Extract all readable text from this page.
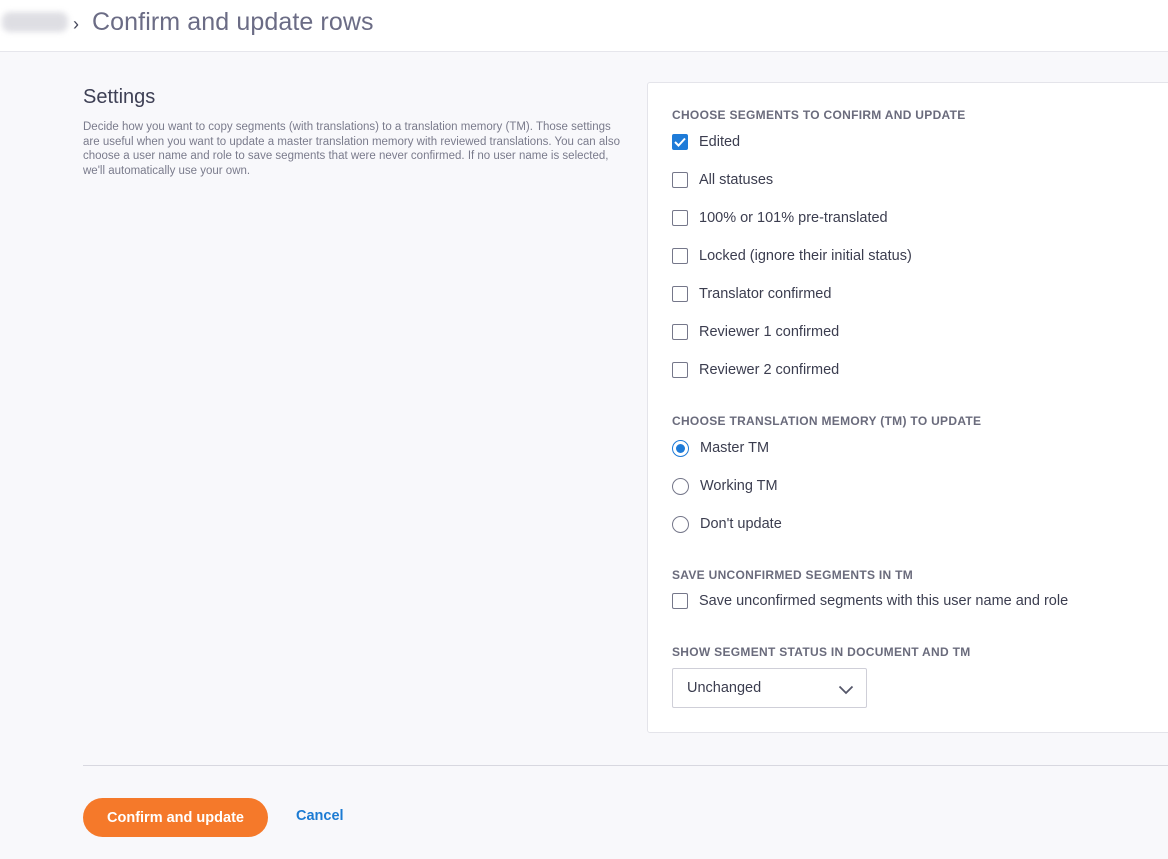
› Confirm and update rows
Settings

Decide how you want to copy segments (with translations) to a translation memory (TM). Those settings are useful when you want to update a master translation memory with reviewed translations. You can also choose a user name and role to save segments that were never confirmed. If no user name is selected, we'll automatically use your own.

CHOOSE SEGMENTS TO CONFIRM AND UPDATE
Edited
All statuses
100% or 101% pre-translated
Locked (ignore their initial status)
Translator confirmed
Reviewer 1 confirmed
Reviewer 2 confirmed
CHOOSE TRANSLATION MEMORY (TM) TO UPDATE
Master TM
Working TM
Don't update
SAVE UNCONFIRMED SEGMENTS IN TM
Save unconfirmed segments with this user name and role
SHOW SEGMENT STATUS IN DOCUMENT AND TM
Unchanged
Confirm and update	Cancel
